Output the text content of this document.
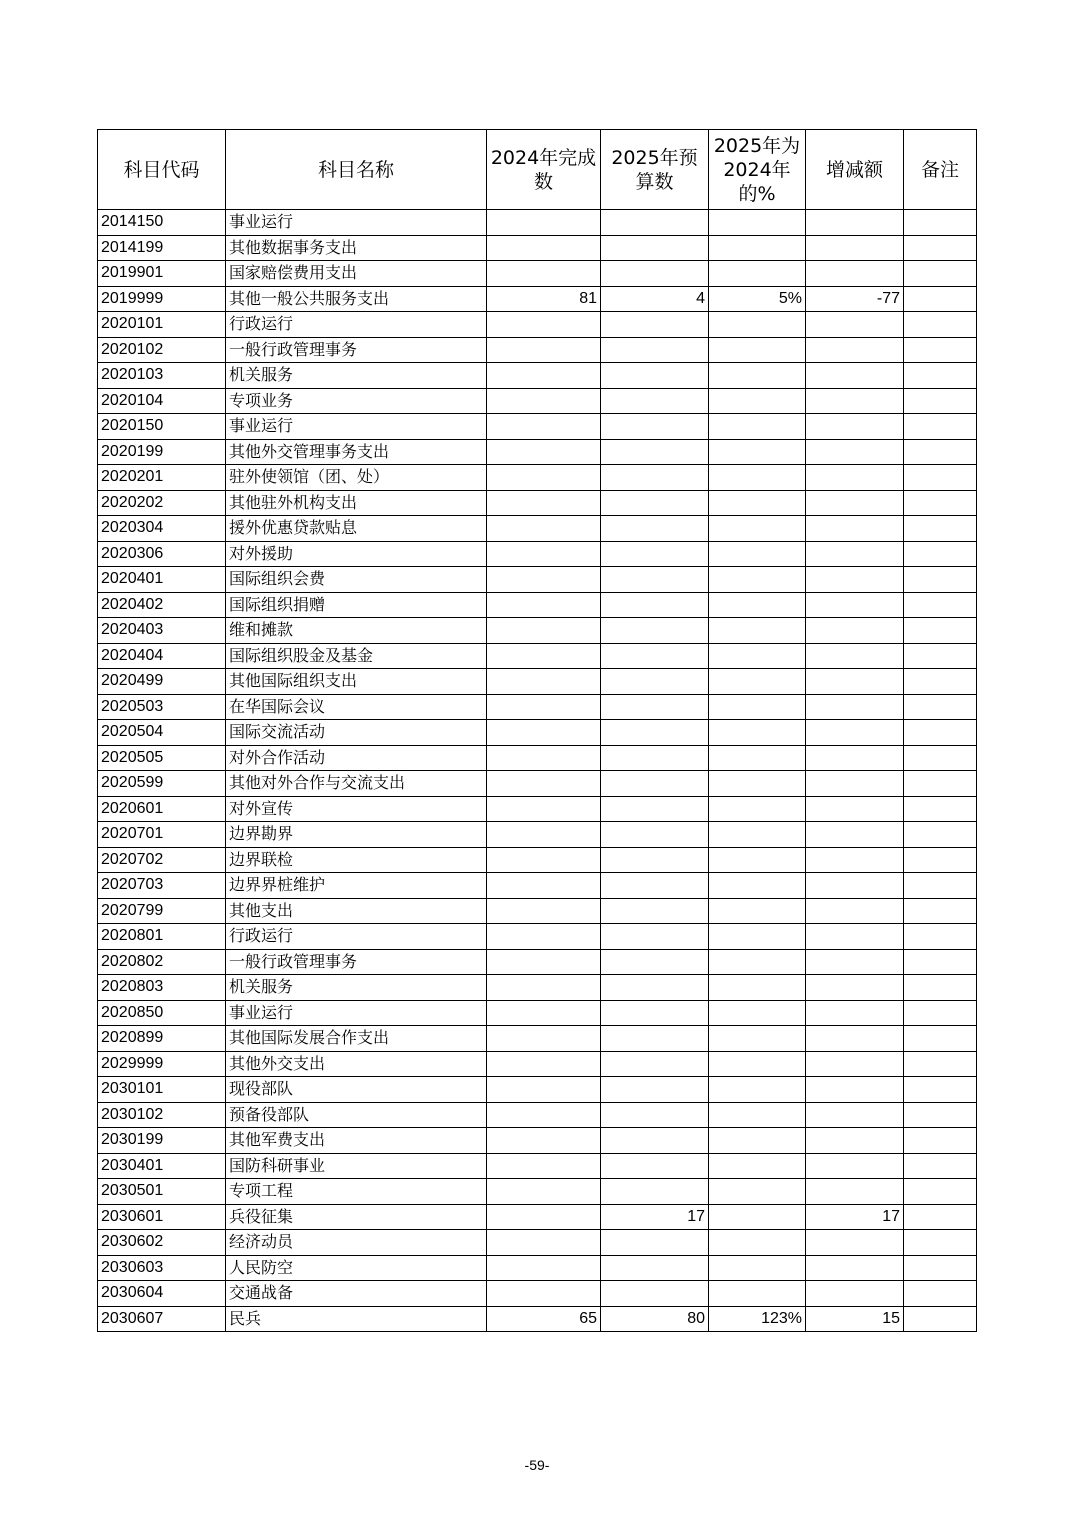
科目代码	科目名称	2024年完成数	2025年预算数	2025年为2024年的%	增减额	备注
2014150	事业运行					
2014199	其他数据事务支出					
2019901	国家赔偿费用支出					
2019999	其他一般公共服务支出	81	4	5%	-77	
2020101	行政运行					
2020102	一般行政管理事务					
2020103	机关服务					
2020104	专项业务					
2020150	事业运行					
2020199	其他外交管理事务支出					
2020201	驻外使领馆（团、处）					
2020202	其他驻外机构支出					
2020304	援外优惠贷款贴息					
2020306	对外援助					
2020401	国际组织会费					
2020402	国际组织捐赠					
2020403	维和摊款					
2020404	国际组织股金及基金					
2020499	其他国际组织支出					
2020503	在华国际会议					
2020504	国际交流活动					
2020505	对外合作活动					
2020599	其他对外合作与交流支出					
2020601	对外宣传					
2020701	边界勘界					
2020702	边界联检					
2020703	边界界桩维护					
2020799	其他支出					
2020801	行政运行					
2020802	一般行政管理事务					
2020803	机关服务					
2020850	事业运行					
2020899	其他国际发展合作支出					
2029999	其他外交支出					
2030101	现役部队					
2030102	预备役部队					
2030199	其他军费支出					
2030401	国防科研事业					
2030501	专项工程					
2030601	兵役征集		17		17	
2030602	经济动员					
2030603	人民防空					
2030604	交通战备					
2030607	民兵	65	80	123%	15	
-59-
